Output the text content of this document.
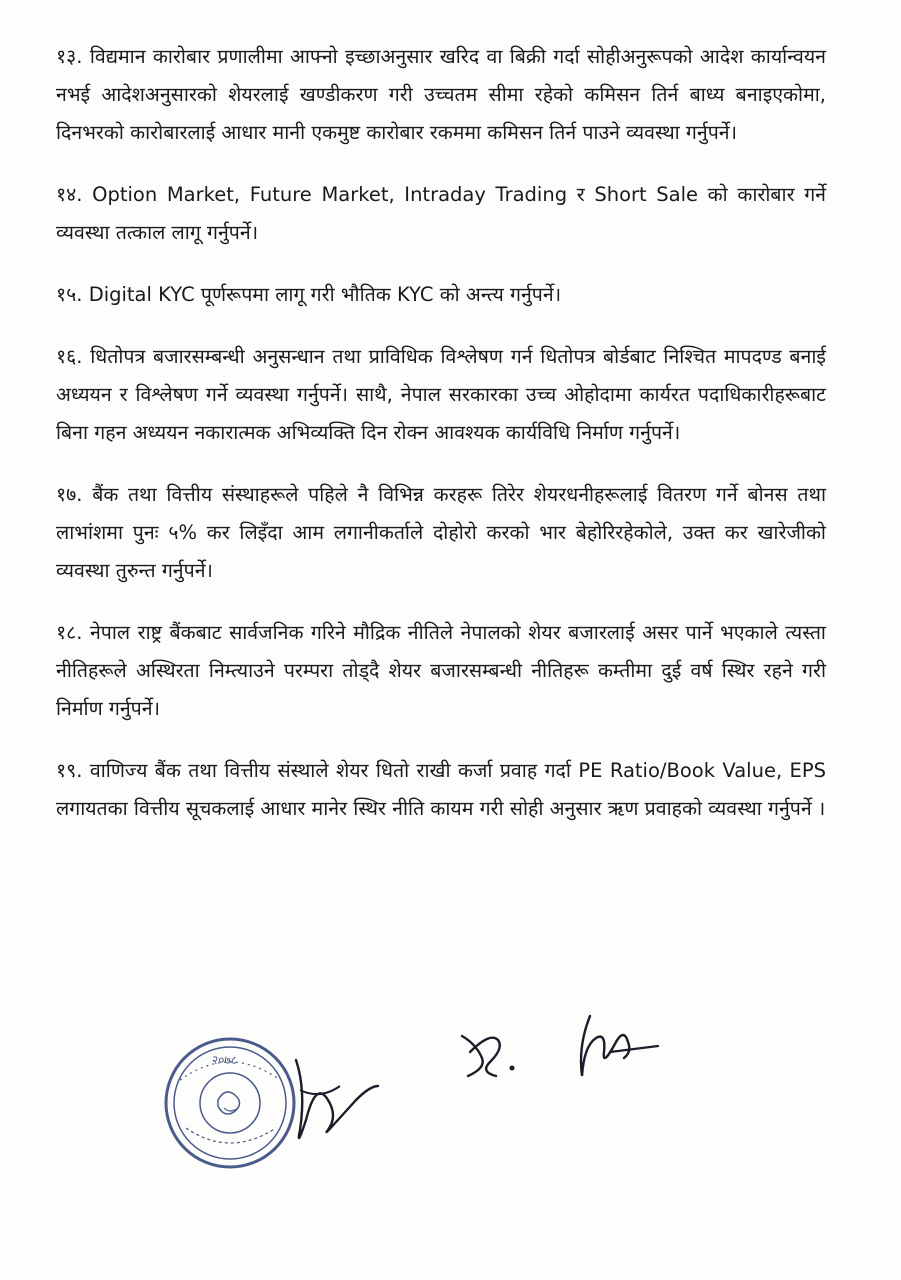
१३. विद्यमान कारोबार प्रणालीमा आफ्नो इच्छाअनुसार खरिद वा बिक्री गर्दा सोहीअनुरूपको आदेश कार्यान्वयन नभई आदेशअनुसारको शेयरलाई खण्डीकरण गरी उच्चतम सीमा रहेको कमिसन तिर्न बाध्य बनाइएकोमा, दिनभरको कारोबारलाई आधार मानी एकमुष्ट कारोबार रकममा कमिसन तिर्न पाउने व्यवस्था गर्नुपर्ने।

१४. Option Market, Future Market, Intraday Trading र Short Sale को कारोबार गर्ने व्यवस्था तत्काल लागू गर्नुपर्ने।

१५. Digital KYC पूर्णरूपमा लागू गरी भौतिक KYC को अन्त्य गर्नुपर्ने।

१६. धितोपत्र बजारसम्बन्धी अनुसन्धान तथा प्राविधिक विश्लेषण गर्न धितोपत्र बोर्डबाट निश्चित मापदण्ड बनाई अध्ययन र विश्लेषण गर्ने व्यवस्था गर्नुपर्ने। साथै, नेपाल सरकारका उच्च ओहोदामा कार्यरत पदाधिकारीहरूबाट बिना गहन अध्ययन नकारात्मक अभिव्यक्ति दिन रोक्न आवश्यक कार्यविधि निर्माण गर्नुपर्ने।

१७. बैंक तथा वित्तीय संस्थाहरूले पहिले नै विभिन्न करहरू तिरेर शेयरधनीहरूलाई वितरण गर्ने बोनस तथा लाभांशमा पुनः ५% कर लिइँदा आम लगानीकर्ताले दोहोरो करको भार बेहोरिरहेकोले, उक्त कर खारेजीको व्यवस्था तुरुन्त गर्नुपर्ने।

१८. नेपाल राष्ट्र बैंकबाट सार्वजनिक गरिने मौद्रिक नीतिले नेपालको शेयर बजारलाई असर पार्ने भएकाले त्यस्ता नीतिहरूले अस्थिरता निम्त्याउने परम्परा तोड्दै शेयर बजारसम्बन्धी नीतिहरू कम्तीमा दुई वर्ष स्थिर रहने गरी निर्माण गर्नुपर्ने।

१९. वाणिज्य बैंक तथा वित्तीय संस्थाले शेयर धितो राखी कर्जा प्रवाह गर्दा PE Ratio/Book Value, EPS लगायतका वित्तीय सूचकलाई आधार मानेर स्थिर नीति कायम गरी सोही अनुसार ऋण प्रवाहको व्यवस्था गर्नुपर्ने ।

२०७८
